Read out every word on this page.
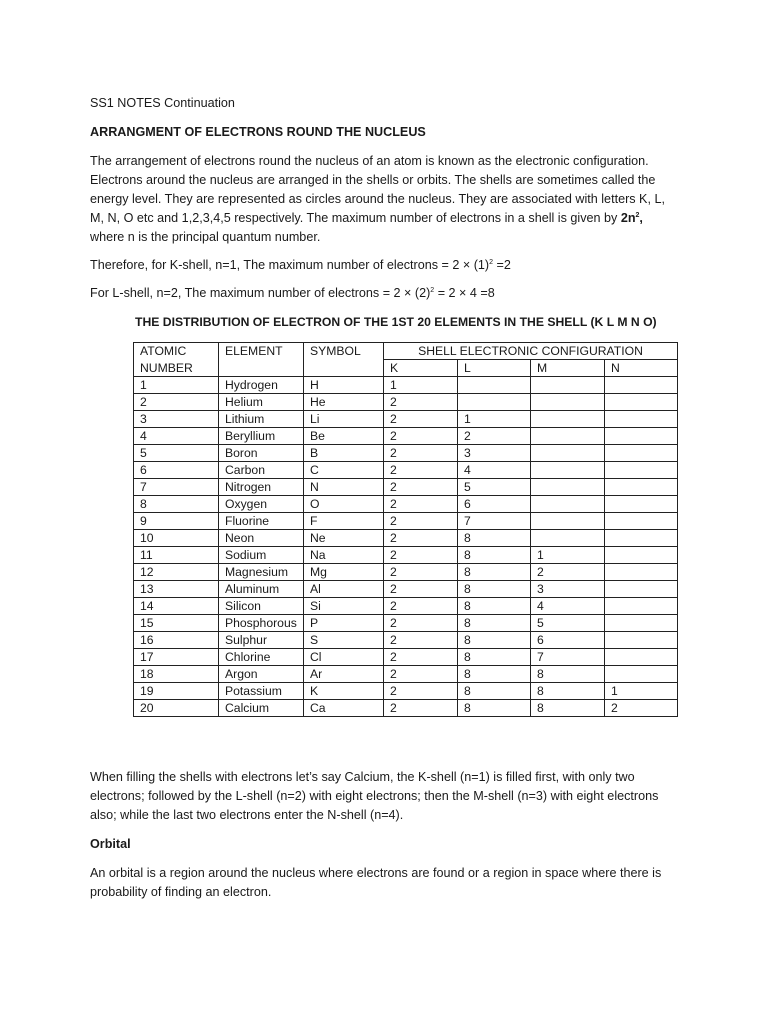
SS1 NOTES Continuation

ARRANGMENT OF ELECTRONS ROUND THE NUCLEUS

The arrangement of electrons round the nucleus of an atom is known as the electronic configuration. Electrons around the nucleus are arranged in the shells or orbits. The shells are sometimes called the energy level. They are represented as circles around the nucleus. They are associated with letters K, L, M, N, O etc and 1,2,3,4,5 respectively. The maximum number of electrons in a shell is given by $2n^2$, where n is the principal quantum number.

Therefore, for K-shell, n=1, The maximum number of electrons = $2 \times (1)^2 =2$

For L-shell, n=2, The maximum number of electrons = $2 \times (2)^2 = 2 \times 4 =8$

THE DISTRIBUTION OF ELECTRON OF THE 1ST 20 ELEMENTS IN THE SHELL (K L M N O)

ATOMIC	ELEMENT	SYMBOL	SHELL ELECTRONIC CONFIGURATION			
NUMBER			K	L	M	N
1	Hydrogen	H	1			
2	Helium	He	2			
3	Lithium	Li	2	1		
4	Beryllium	Be	2	2		
5	Boron	B	2	3		
6	Carbon	C	2	4		
7	Nitrogen	N	2	5		
8	Oxygen	O	2	6		
9	Fluorine	F	2	7		
10	Neon	Ne	2	8		
11	Sodium	Na	2	8	1	
12	Magnesium	Mg	2	8	2	
13	Aluminum	Al	2	8	3	
14	Silicon	Si	2	8	4	
15	Phosphorous	P	2	8	5	
16	Sulphur	S	2	8	6	
17	Chlorine	Cl	2	8	7	
18	Argon	Ar	2	8	8	
19	Potassium	K	2	8	8	1
20	Calcium	Ca	2	8	8	2

When filling the shells with electrons let’s say Calcium, the K-shell (n=1) is filled first, with only two electrons; followed by the L-shell (n=2) with eight electrons; then the M-shell (n=3) with eight electrons also; while the last two electrons enter the N-shell (n=4).

Orbital

An orbital is a region around the nucleus where electrons are found or a region in space where there is probability of finding an electron.
